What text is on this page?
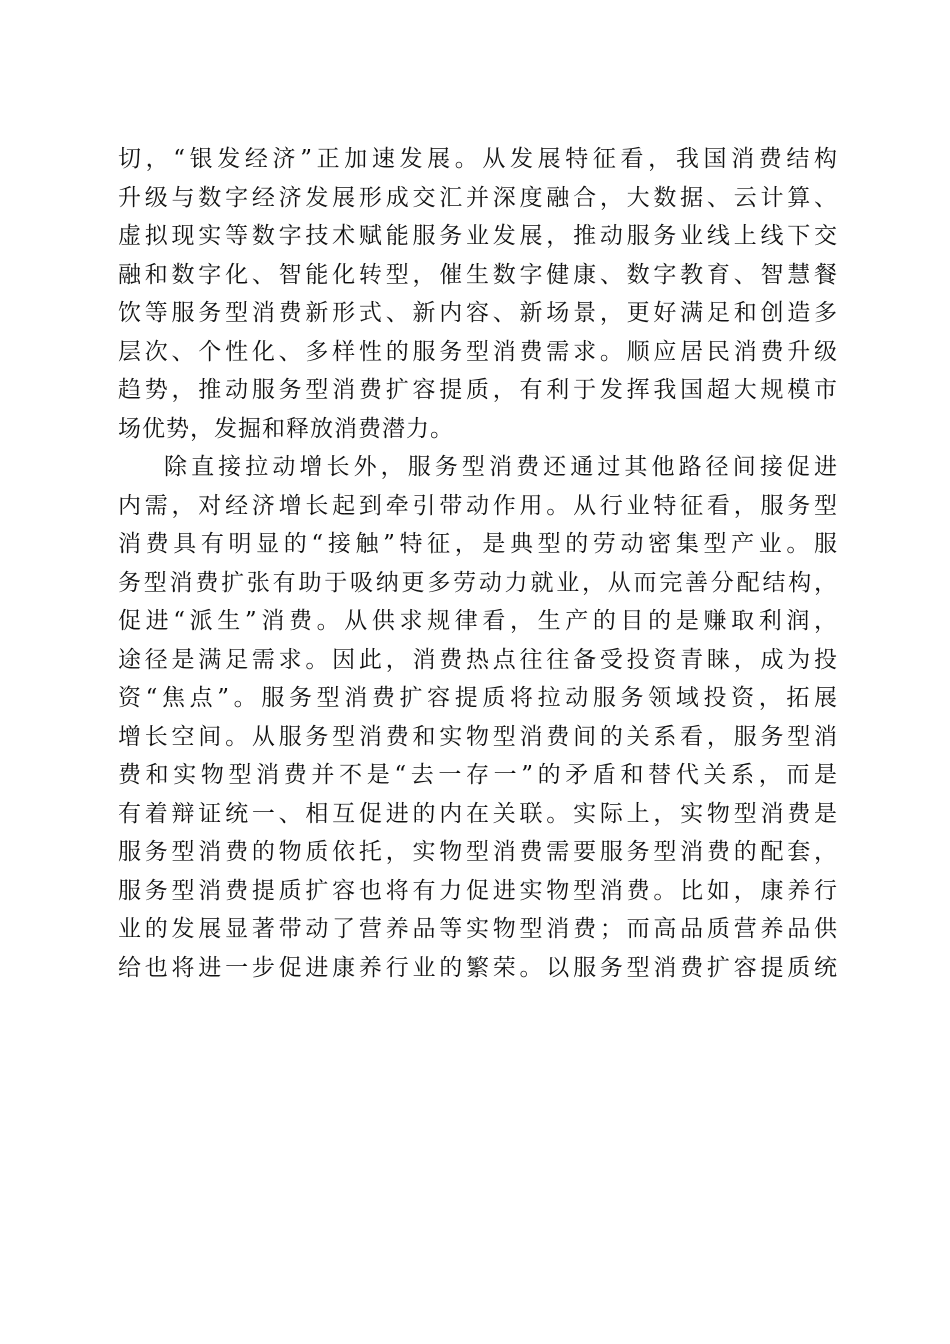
切，“银发经济”正加速发展。从发展特征看，我国消费结构
升级与数字经济发展形成交汇并深度融合，大数据、云计算、
虚拟现实等数字技术赋能服务业发展，推动服务业线上线下交
融和数字化、智能化转型，催生数字健康、数字教育、智慧餐
饮等服务型消费新形式、新内容、新场景，更好满足和创造多
层次、个性化、多样性的服务型消费需求。顺应居民消费升级
趋势，推动服务型消费扩容提质，有利于发挥我国超大规模市
场优势，发掘和释放消费潜力。
除直接拉动增长外，服务型消费还通过其他路径间接促进
内需，对经济增长起到牵引带动作用。从行业特征看，服务型
消费具有明显的“接触”特征，是典型的劳动密集型产业。服
务型消费扩张有助于吸纳更多劳动力就业，从而完善分配结构，
促进“派生”消费。从供求规律看，生产的目的是赚取利润，
途径是满足需求。因此，消费热点往往备受投资青睐，成为投
资“焦点”。服务型消费扩容提质将拉动服务领域投资，拓展
增长空间。从服务型消费和实物型消费间的关系看，服务型消
费和实物型消费并不是“去一存一”的矛盾和替代关系，而是
有着辩证统一、相互促进的内在关联。实际上，实物型消费是
服务型消费的物质依托，实物型消费需要服务型消费的配套，
服务型消费提质扩容也将有力促进实物型消费。比如，康养行
业的发展显著带动了营养品等实物型消费；而高品质营养品供
给也将进一步促进康养行业的繁荣。以服务型消费扩容提质统
